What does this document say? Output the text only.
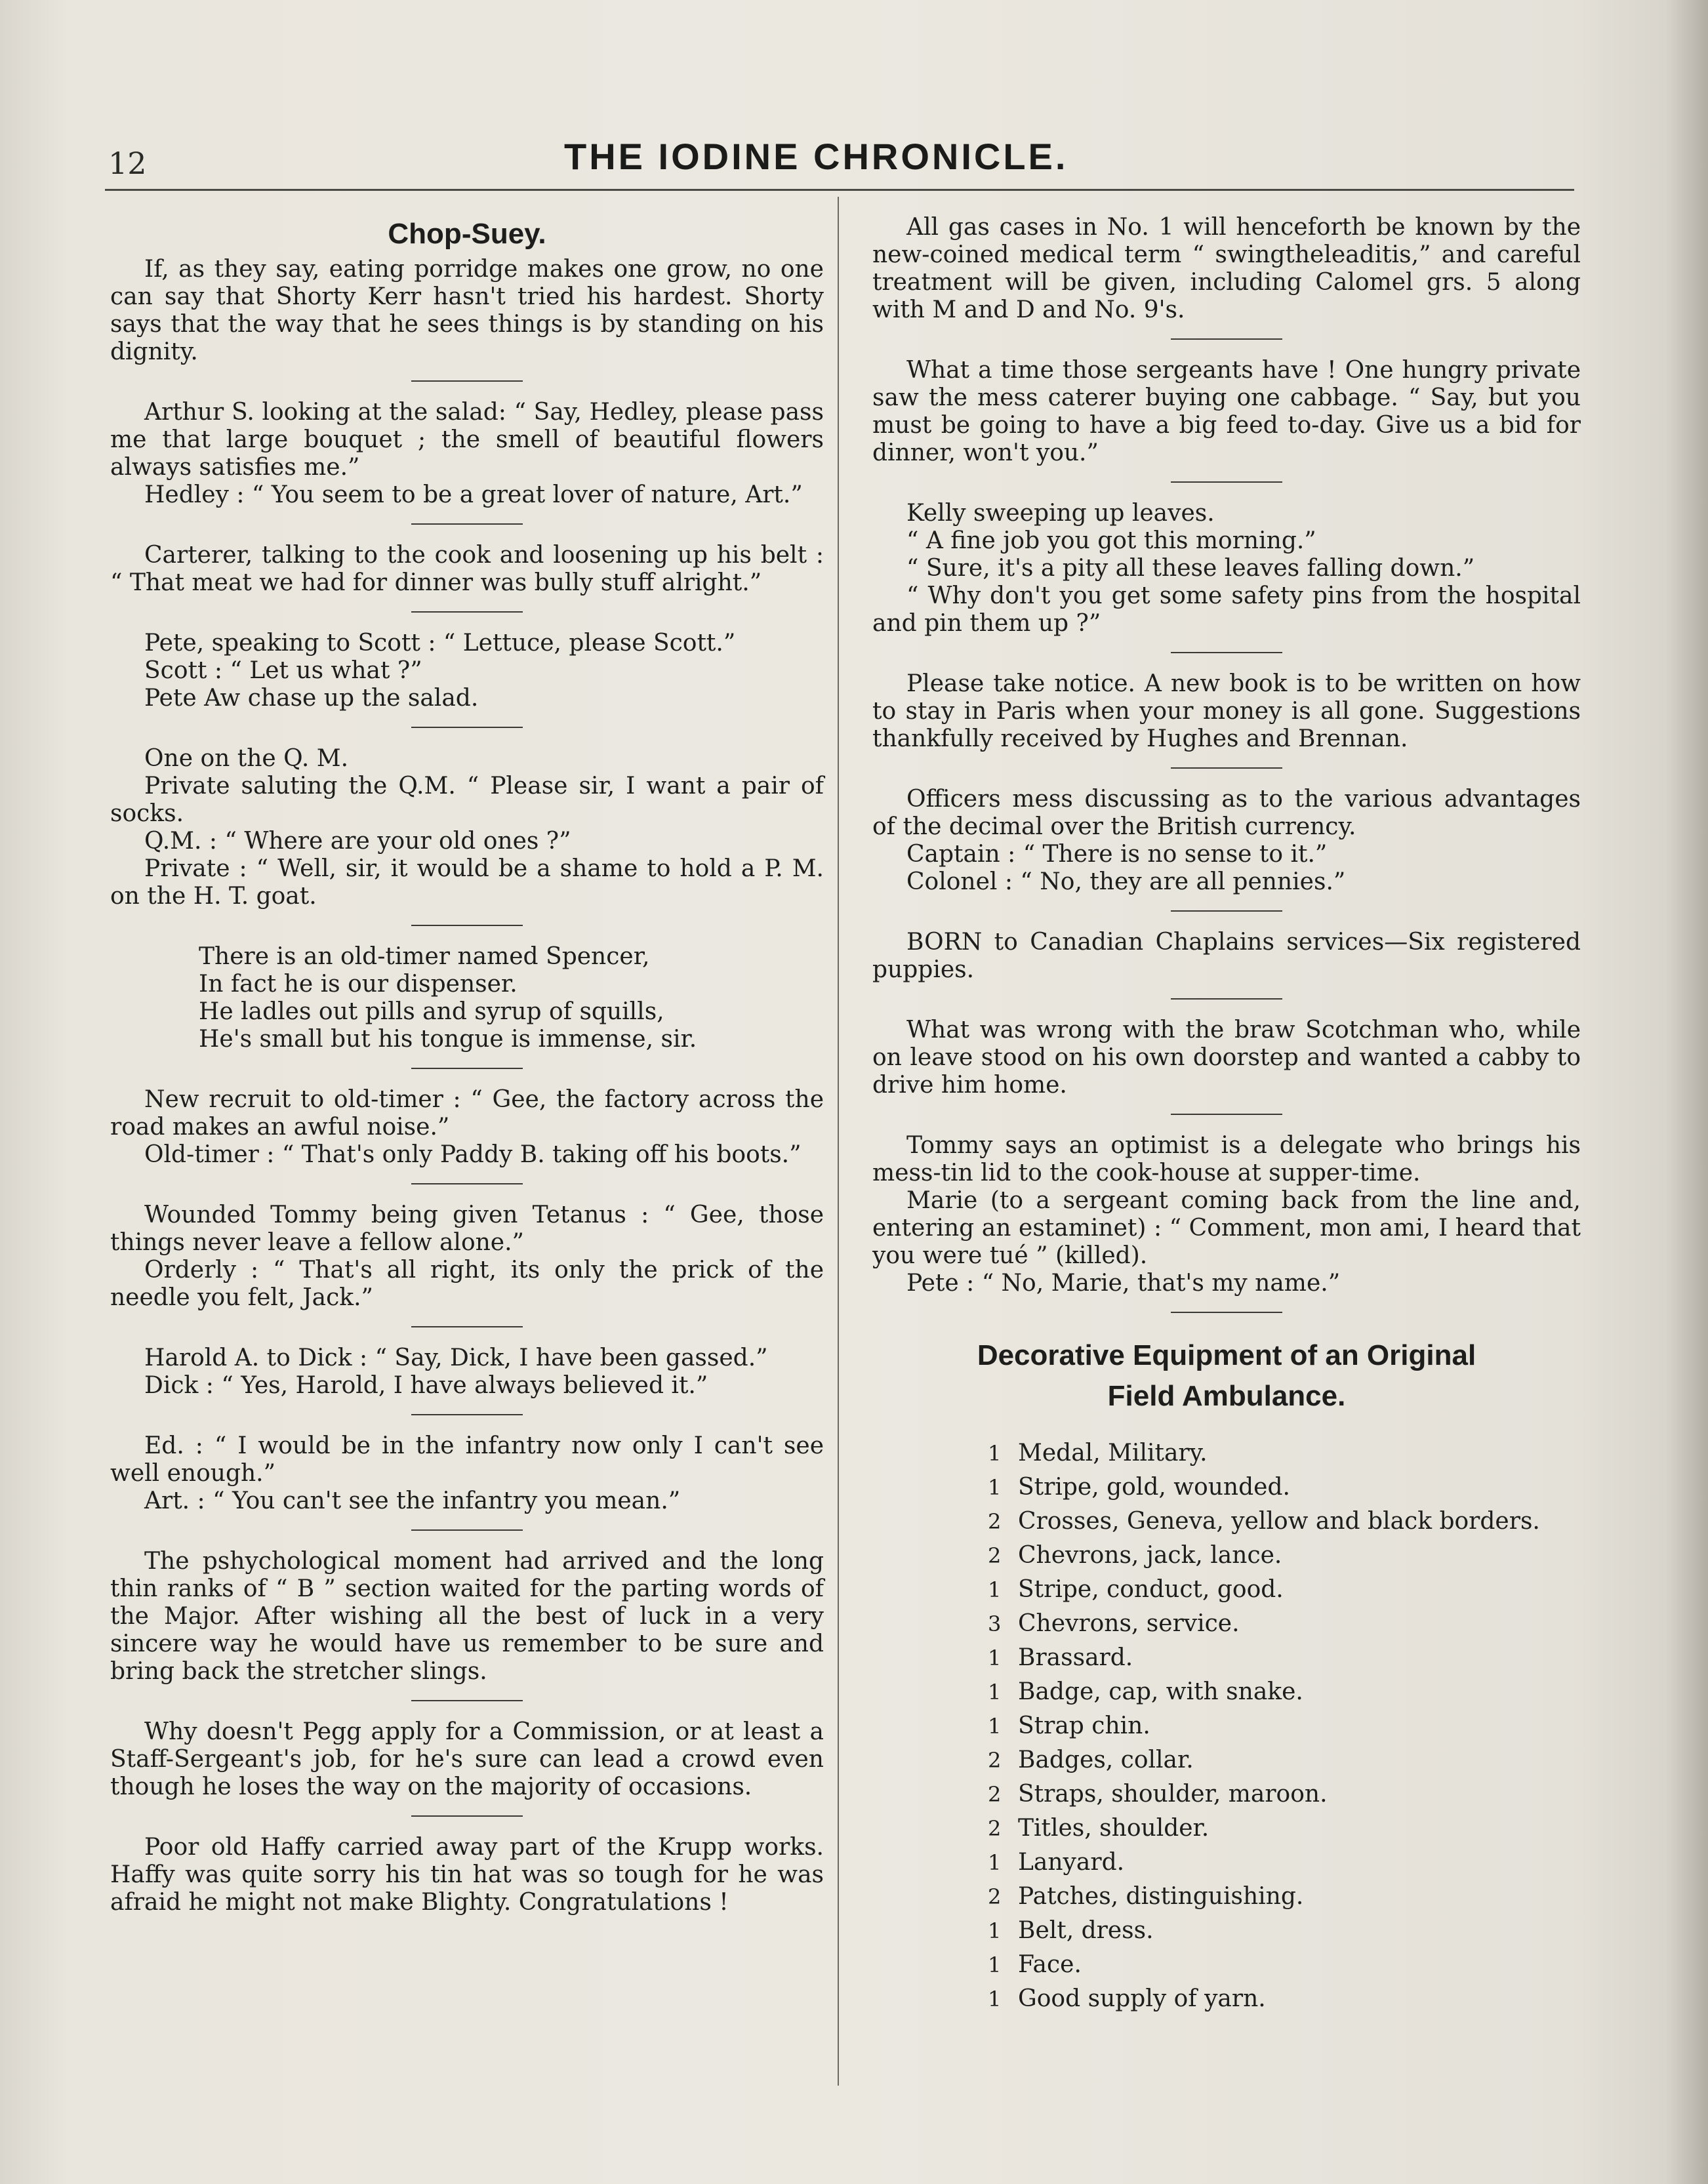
12	THE IODINE CHRONICLE.
Chop-Suey.

If, as they say, eating porridge makes one grow, no one can say that Shorty Kerr hasn't tried his hardest. Shorty says that the way that he sees things is by standing on his dignity.

Arthur S. looking at the salad: “ Say, Hedley, please pass me that large bouquet ; the smell of beautiful flowers always satisfies me.”

Hedley : “ You seem to be a great lover of nature, Art.”

Carterer, talking to the cook and loosening up his belt : “ That meat we had for dinner was bully stuff alright.”

Pete, speaking to Scott : “ Lettuce, please Scott.”

Scott : “ Let us what ?”

Pete Aw chase up the salad.

One on the Q. M.

Private saluting the Q.M. “ Please sir, I want a pair of socks.

Q.M. : “ Where are your old ones ?”

Private : “ Well, sir, it would be a shame to hold a P. M. on the H. T. goat.

There is an old-timer named Spencer,

In fact he is our dispenser.

He ladles out pills and syrup of squills,

He's small but his tongue is immense, sir.

New recruit to old-timer : “ Gee, the factory across the road makes an awful noise.”

Old-timer : “ That's only Paddy B. taking off his boots.”

Wounded Tommy being given Tetanus : “ Gee, those things never leave a fellow alone.”

Orderly : “ That's all right, its only the prick of the needle you felt, Jack.”

Harold A. to Dick : “ Say, Dick, I have been gassed.”

Dick : “ Yes, Harold, I have always believed it.”

Ed. : “ I would be in the infantry now only I can't see well enough.”

Art. : “ You can't see the infantry you mean.”

The pshychological moment had arrived and the long thin ranks of “ B ” section waited for the parting words of the Major. After wishing all the best of luck in a very sincere way he would have us remember to be sure and bring back the stretcher slings.

Why doesn't Pegg apply for a Commission, or at least a Staff-Sergeant's job, for he's sure can lead a crowd even though he loses the way on the majority of occasions.

Poor old Haffy carried away part of the Krupp works. Haffy was quite sorry his tin hat was so tough for he was afraid he might not make Blighty. Congratulations !

All gas cases in No. 1 will henceforth be known by the new-coined medical term “ swingtheleaditis,” and careful treatment will be given, including Calomel grs. 5 along with M and D and No. 9's.

What a time those sergeants have ! One hungry private saw the mess caterer buying one cabbage. “ Say, but you must be going to have a big feed to-day. Give us a bid for dinner, won't you.”

Kelly sweeping up leaves.

“ A fine job you got this morning.”

“ Sure, it's a pity all these leaves falling down.”

“ Why don't you get some safety pins from the hospital and pin them up ?”

Please take notice. A new book is to be written on how to stay in Paris when your money is all gone. Suggestions thankfully received by Hughes and Brennan.

Officers mess discussing as to the various advantages of the decimal over the British currency.

Captain : “ There is no sense to it.”

Colonel : “ No, they are all pennies.”

BORN to Canadian Chaplains services—Six registered puppies.

What was wrong with the braw Scotchman who, while on leave stood on his own doorstep and wanted a cabby to drive him home.

Tommy says an optimist is a delegate who brings his mess-tin lid to the cook-house at supper-time.

Marie (to a sergeant coming back from the line and, entering an estaminet) : “ Comment, mon ami, I heard that you were tué ” (killed).

Pete : “ No, Marie, that's my name.”

Decorative Equipment of an Original
Field Ambulance.
1 Medal, Military.
1 Stripe, gold, wounded.
2 Crosses, Geneva, yellow and black borders.
2 Chevrons, jack, lance.
1 Stripe, conduct, good.
3 Chevrons, service.
1 Brassard.
1 Badge, cap, with snake.
1 Strap chin.
2 Badges, collar.
2 Straps, shoulder, maroon.
2 Titles, shoulder.
1 Lanyard.
2 Patches, distinguishing.
1 Belt, dress.
1 Face.
1 Good supply of yarn.
